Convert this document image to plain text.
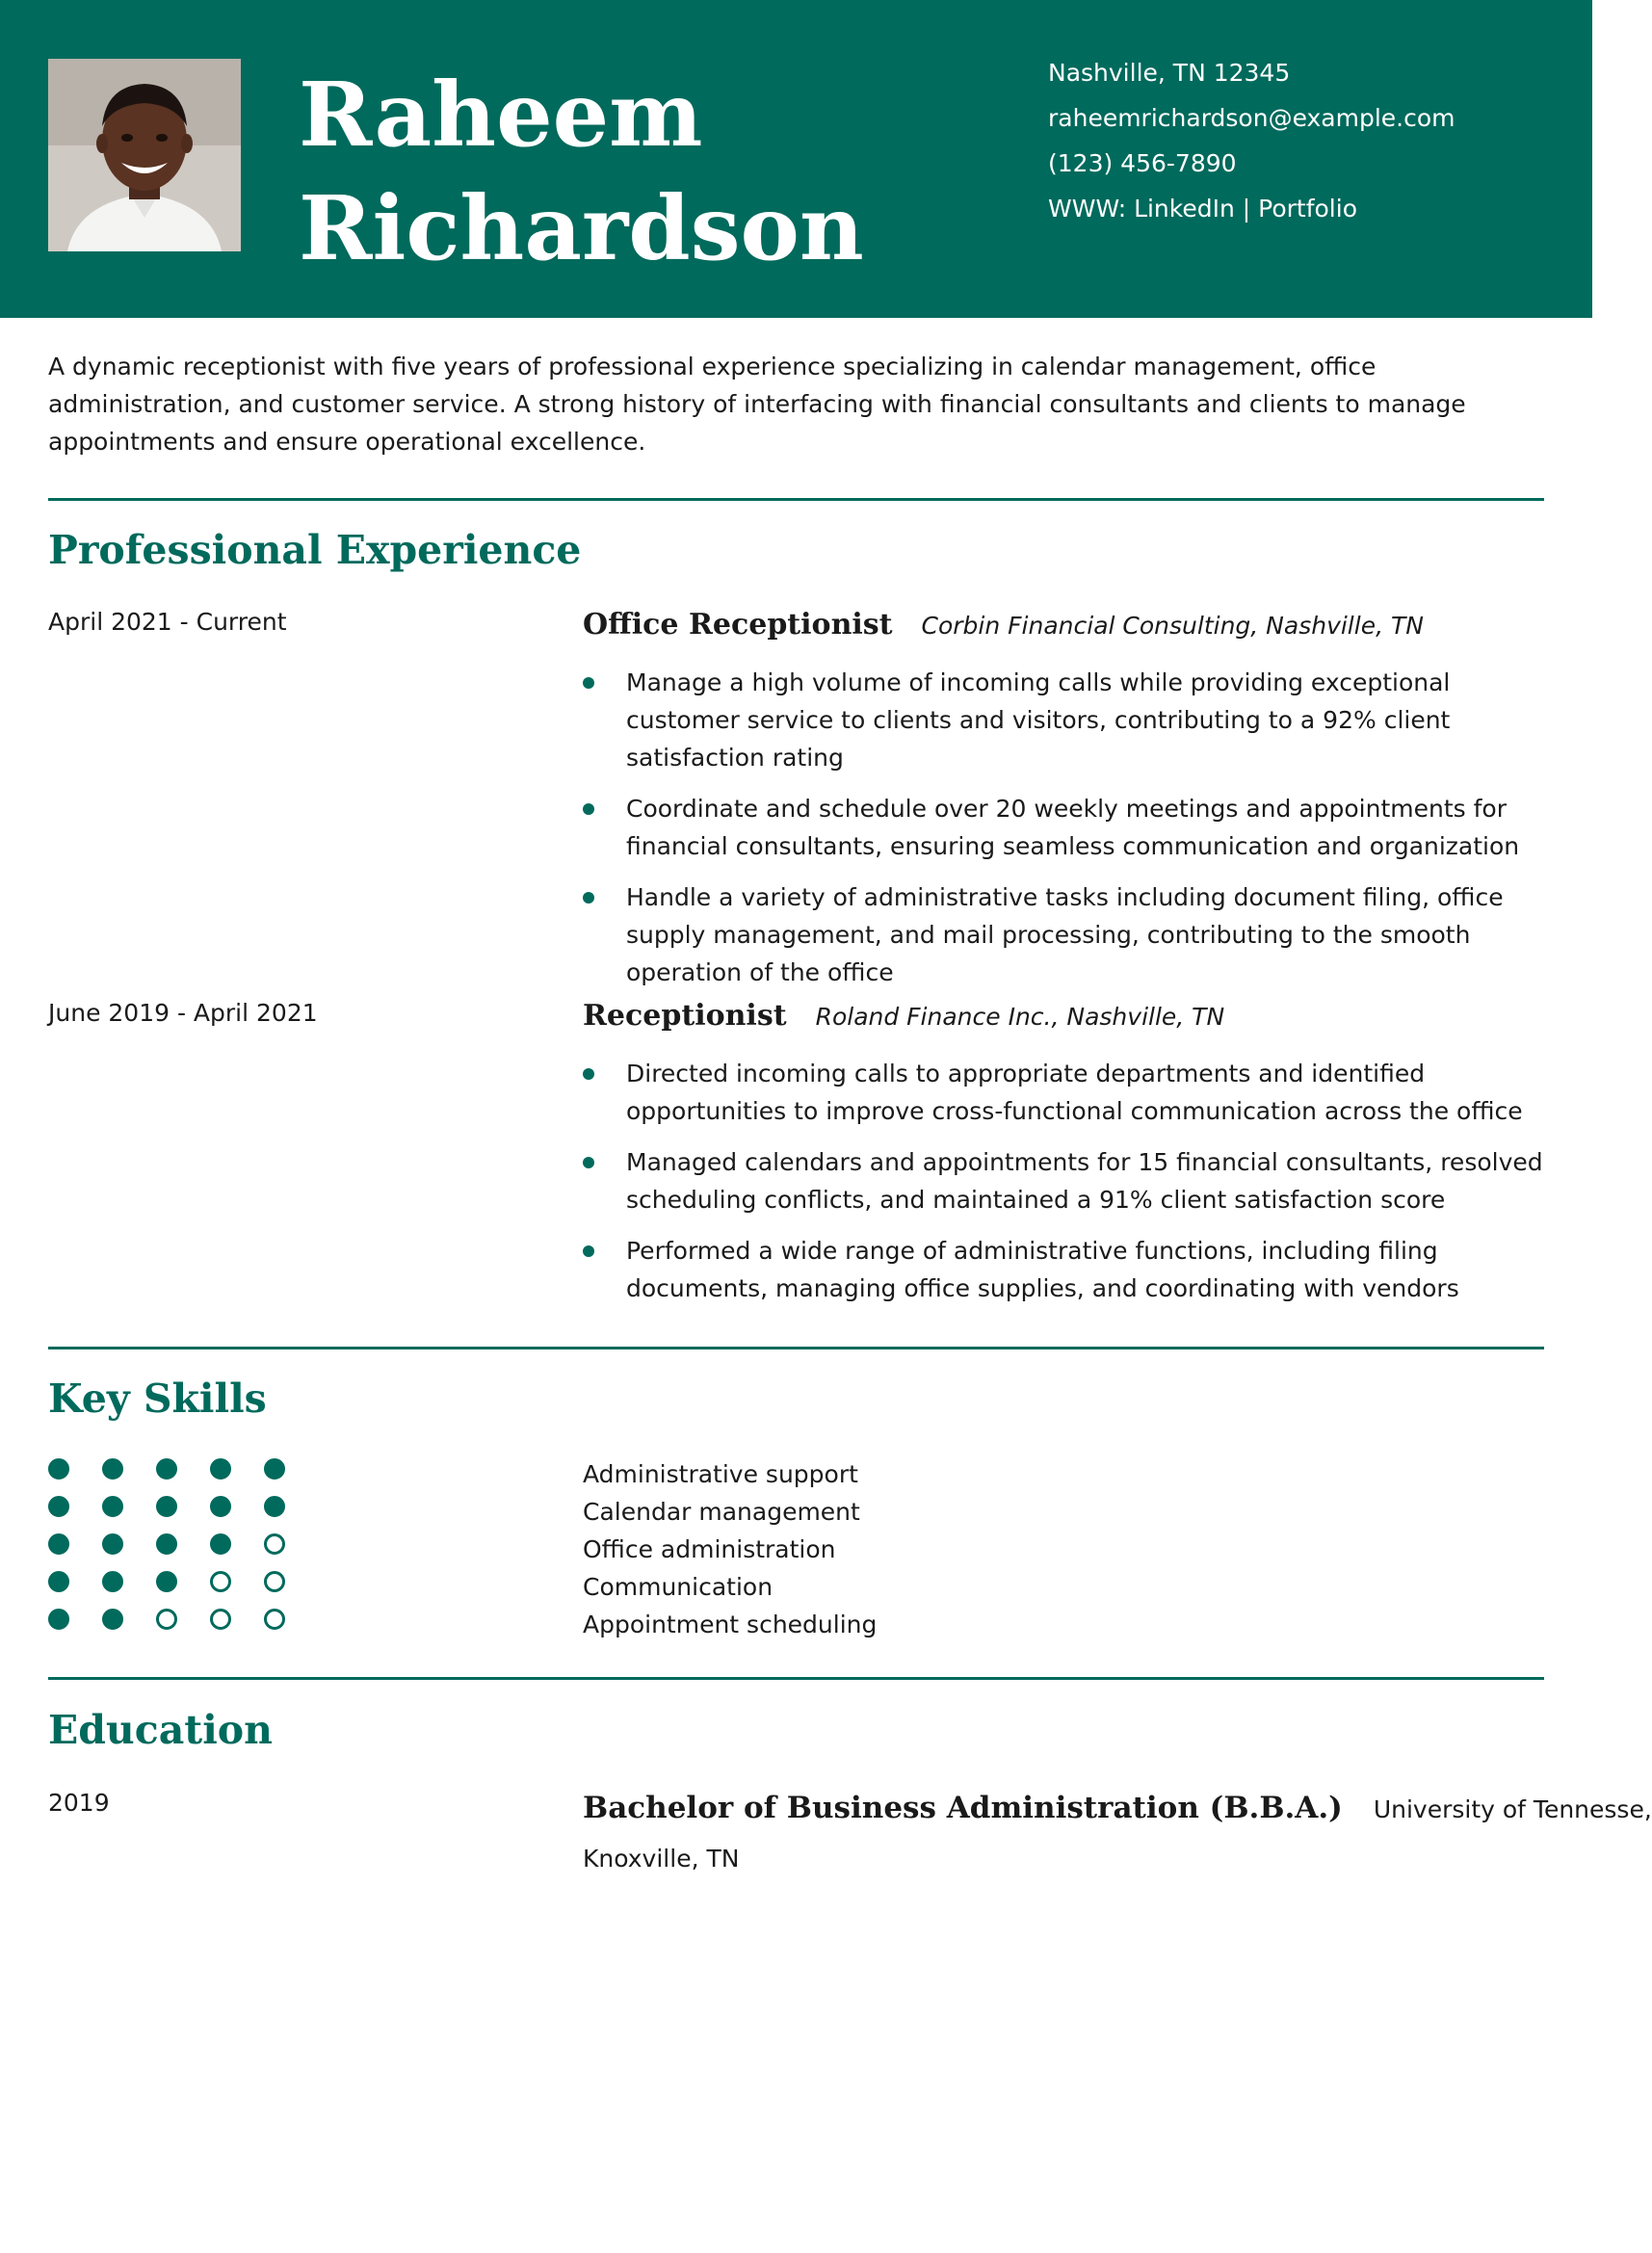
Raheem
Richardson
Nashville, TN 12345
raheemrichardson@example.com
(123) 456-7890
WWW: LinkedIn | Portfolio

A dynamic receptionist with five years of professional experience specializing in calendar management, office administration, and customer service. A strong history of interfacing with financial consultants and clients to manage appointments and ensure operational excellence.

Professional Experience
April 2021 - Current	Office Receptionist Corbin Financial Consulting, Nashville, TN
Manage a high volume of incoming calls while providing exceptional customer service to clients and visitors, contributing to a 92% client satisfaction rating
Coordinate and schedule over 20 weekly meetings and appointments for financial consultants, ensuring seamless communication and organization
Handle a variety of administrative tasks including document filing, office supply management, and mail processing, contributing to the smooth operation of the office
June 2019 - April 2021	Receptionist Roland Finance Inc., Nashville, TN
Directed incoming calls to appropriate departments and identified opportunities to improve cross-functional communication across the office
Managed calendars and appointments for 15 financial consultants, resolved scheduling conflicts, and maintained a 91% client satisfaction score
Performed a wide range of administrative functions, including filing documents, managing office supplies, and coordinating with vendors
Key Skills
Administrative support
Calendar management
Office administration
Communication
Appointment scheduling
Education
2019	Bachelor of Business Administration (B.B.A.) University of Tennesse,
Knoxville, TN
